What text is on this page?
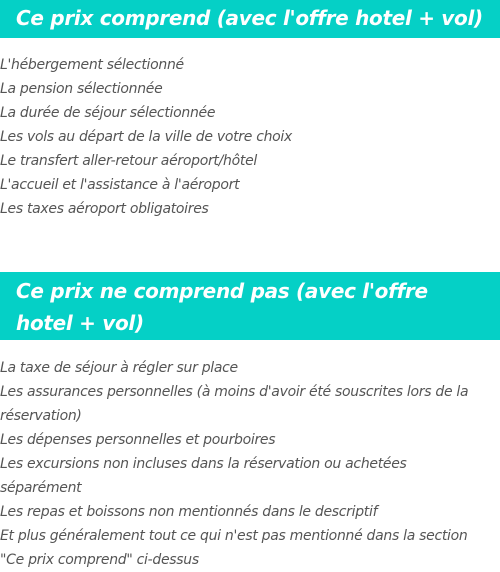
Ce prix comprend (avec l'offre hotel + vol)
L'hébergement sélectionné
La pension sélectionnée
La durée de séjour sélectionnée
Les vols au départ de la ville de votre choix
Le transfert aller-retour aéroport/hôtel
L'accueil et l'assistance à l'aéroport
Les taxes aéroport obligatoires
Ce prix ne comprend pas (avec l'offre hotel + vol)
La taxe de séjour à régler sur place
Les assurances personnelles (à moins d'avoir été souscrites lors de la réservation)
Les dépenses personnelles et pourboires
Les excursions non incluses dans la réservation ou achetées séparément
Les repas et boissons non mentionnés dans le descriptif
Et plus généralement tout ce qui n'est pas mentionné dans la section "Ce prix comprend" ci-dessus
